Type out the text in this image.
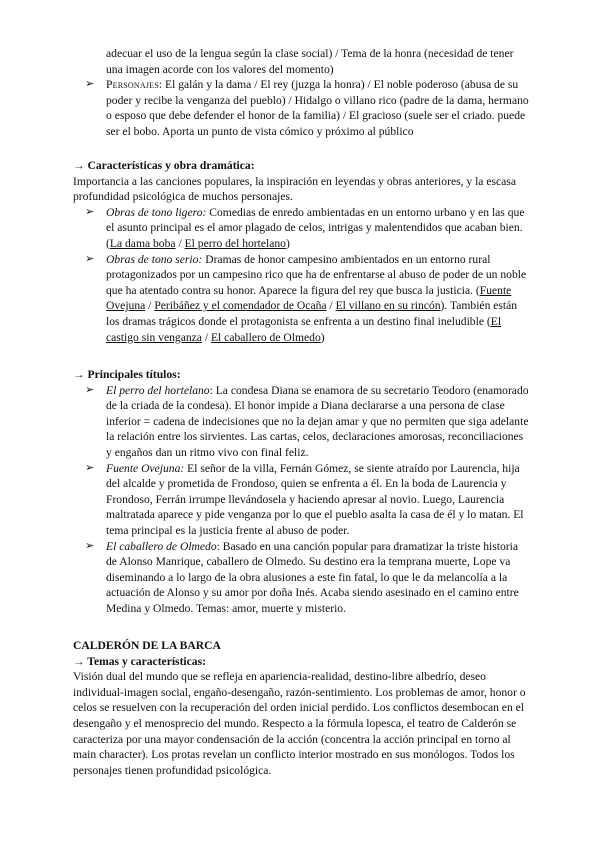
adecuar el uso de la lengua según la clase social) / Tema de la honra (necesidad de tener una imagen acorde con los valores del momento)

➢ Personajes: El galán y la dama / El rey (juzga la honra) / El noble poderoso (abusa de su poder y recibe la venganza del pueblo) / Hidalgo o villano rico (padre de la dama, hermano o esposo que debe defender el honor de la familia) / El gracioso (suele ser el criado. puede ser el bobo. Aporta un punto de vista cómico y próximo al público

→ Características y obra dramática:

Importancia a las canciones populares, la inspiración en leyendas y obras anteriores, y la escasa profundidad psicológica de muchos personajes.

➢ Obras de tono ligero: Comedias de enredo ambientadas en un entorno urbano y en las que el asunto principal es el amor plagado de celos, intrigas y malentendidos que acaban bien. (La dama boba / El perro del hortelano)

➢ Obras de tono serio: Dramas de honor campesino ambientados en un entorno rural protagonizados por un campesino rico que ha de enfrentarse al abuso de poder de un noble que ha atentado contra su honor. Aparece la figura del rey que busca la justicia. (Fuente Ovejuna / Peribáñez y el comendador de Ocaña / El villano en su rincón). También están los dramas trágicos donde el protagonista se enfrenta a un destino final ineludible (El castigo sin venganza / El caballero de Olmedo)

→ Principales títulos:

➢ El perro del hortelano: La condesa Diana se enamora de su secretario Teodoro (enamorado de la criada de la condesa). El honor impide a Diana declararse a una persona de clase inferior = cadena de indecisiones que no la dejan amar y que no permiten que siga adelante la relación entre los sirvientes. Las cartas, celos, declaraciones amorosas, reconciliaciones y engaños dan un ritmo vivo con final feliz.

➢ Fuente Ovejuna: El señor de la villa, Fernán Gómez, se siente atraído por Laurencia, hija del alcalde y prometida de Frondoso, quien se enfrenta a él. En la boda de Laurencia y Frondoso, Ferrán irrumpe llevándosela y haciendo apresar al novio. Luego, Laurencia maltratada aparece y pide venganza por lo que el pueblo asalta la casa de él y lo matan. El tema principal es la justicia frente al abuso de poder.

➢ El caballero de Olmedo: Basado en una canción popular para dramatizar la triste historia de Alonso Manrique, caballero de Olmedo. Su destino era la temprana muerte, Lope va diseminando a lo largo de la obra alusiones a este fin fatal, lo que le da melancolía a la actuación de Alonso y su amor por doña Inés. Acaba siendo asesinado en el camino entre Medina y Olmedo. Temas: amor, muerte y misterio.

CALDERÓN DE LA BARCA

→ Temas y características:

Visión dual del mundo que se refleja en apariencia-realidad, destino-libre albedrío, deseo individual-imagen social, engaño-desengaño, razón-sentimiento. Los problemas de amor, honor o celos se resuelven con la recuperación del orden inicial perdido. Los conflictos desembocan en el desengaño y el menosprecio del mundo. Respecto a la fórmula lopesca, el teatro de Calderón se caracteriza por una mayor condensación de la acción (concentra la acción principal en torno al main character). Los protas revelan un conflicto interior mostrado en sus monólogos. Todos los personajes tienen profundidad psicológica.
